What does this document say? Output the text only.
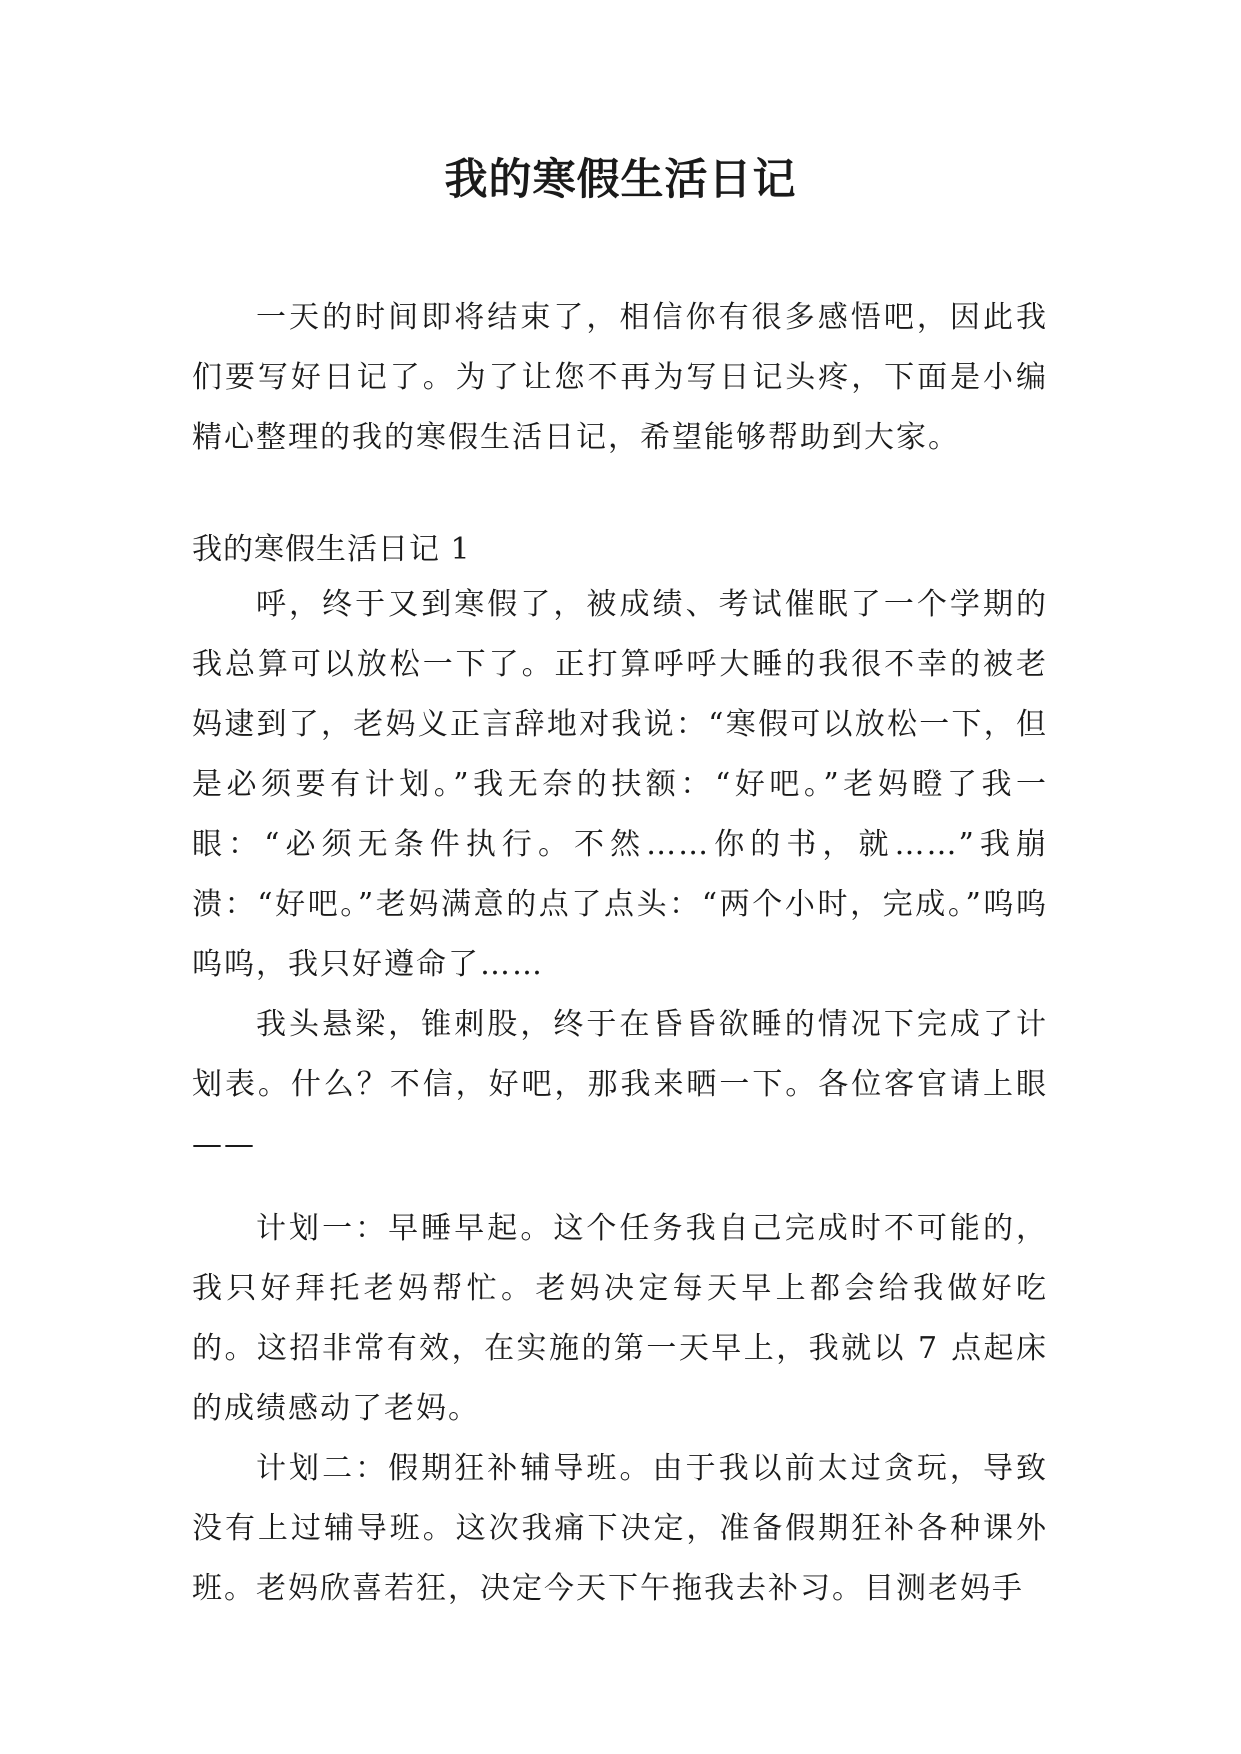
我的寒假生活日记

一天的时间即将结束了，相信你有很多感悟吧，因此我们要写好日记了。为了让您不再为写日记头疼，下面是小编精心整理的我的寒假生活日记，希望能够帮助到大家。

我的寒假生活日记 1

呼，终于又到寒假了，被成绩、考试催眠了一个学期的我总算可以放松一下了。正打算呼呼大睡的我很不幸的被老妈逮到了，老妈义正言辞地对我说：“寒假可以放松一下，但是必须要有计划。”我无奈的扶额：“好吧。”老妈瞪了我一眼：“必须无条件执行。不然……你的书，就……”我崩溃：“好吧。”老妈满意的点了点头：“两个小时，完成。”呜呜呜呜，我只好遵命了……

我头悬梁，锥刺股，终于在昏昏欲睡的情况下完成了计划表。什么？不信，好吧，那我来晒一下。各位客官请上眼——

计划一：早睡早起。这个任务我自己完成时不可能的，我只好拜托老妈帮忙。老妈决定每天早上都会给我做好吃的。这招非常有效，在实施的第一天早上，我就以 7 点起床的成绩感动了老妈。

计划二：假期狂补辅导班。由于我以前太过贪玩，导致没有上过辅导班。这次我痛下决定，准备假期狂补各种课外班。老妈欣喜若狂，决定今天下午拖我去补习。目测老妈手
